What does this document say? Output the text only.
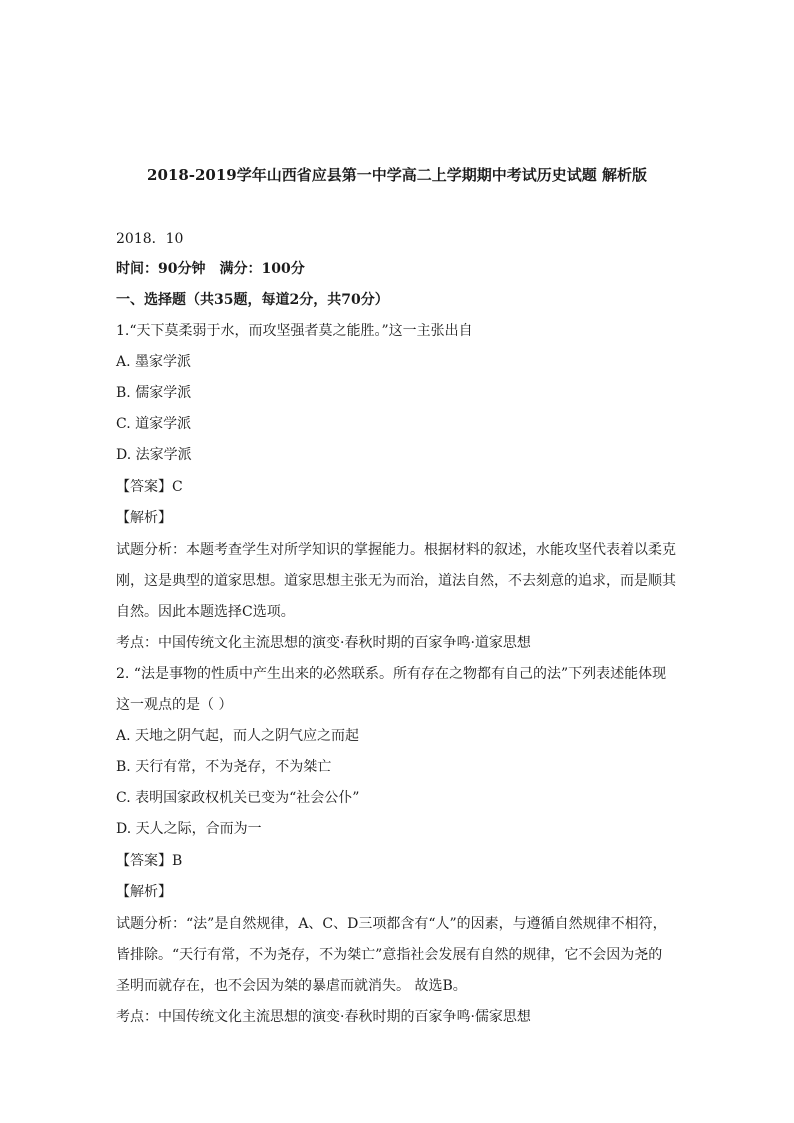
2018-2019学年山西省应县第一中学高二上学期期中考试历史试题 解析版
2018．10
时间：90分钟　满分：100分
一、选择题（共35题，每道2分，共70分）
1.“天下莫柔弱于水，而攻坚强者莫之能胜。”这一主张出自
A. 墨家学派
B. 儒家学派
C. 道家学派
D. 法家学派
【答案】C
【解析】
试题分析：本题考查学生对所学知识的掌握能力。根据材料的叙述，水能攻坚代表着以柔克
刚，这是典型的道家思想。道家思想主张无为而治，道法自然，不去刻意的追求，而是顺其
自然。因此本题选择C选项。
考点：中国传统文化主流思想的演变·春秋时期的百家争鸣·道家思想
2. “法是事物的性质中产生出来的必然联系。所有存在之物都有自己的法”下列表述能体现
这一观点的是（ ）
A. 天地之阴气起，而人之阴气应之而起
B. 天行有常，不为尧存，不为桀亡
C. 表明国家政权机关已变为“社会公仆”
D. 天人之际，合而为一
【答案】B
【解析】
试题分析：“法”是自然规律，A、C、D三项都含有“人”的因素，与遵循自然规律不相符，
皆排除。“天行有常，不为尧存，不为桀亡”意指社会发展有自然的规律，它不会因为尧的
圣明而就存在，也不会因为桀的暴虐而就消失。 故选B。
考点：中国传统文化主流思想的演变·春秋时期的百家争鸣·儒家思想
